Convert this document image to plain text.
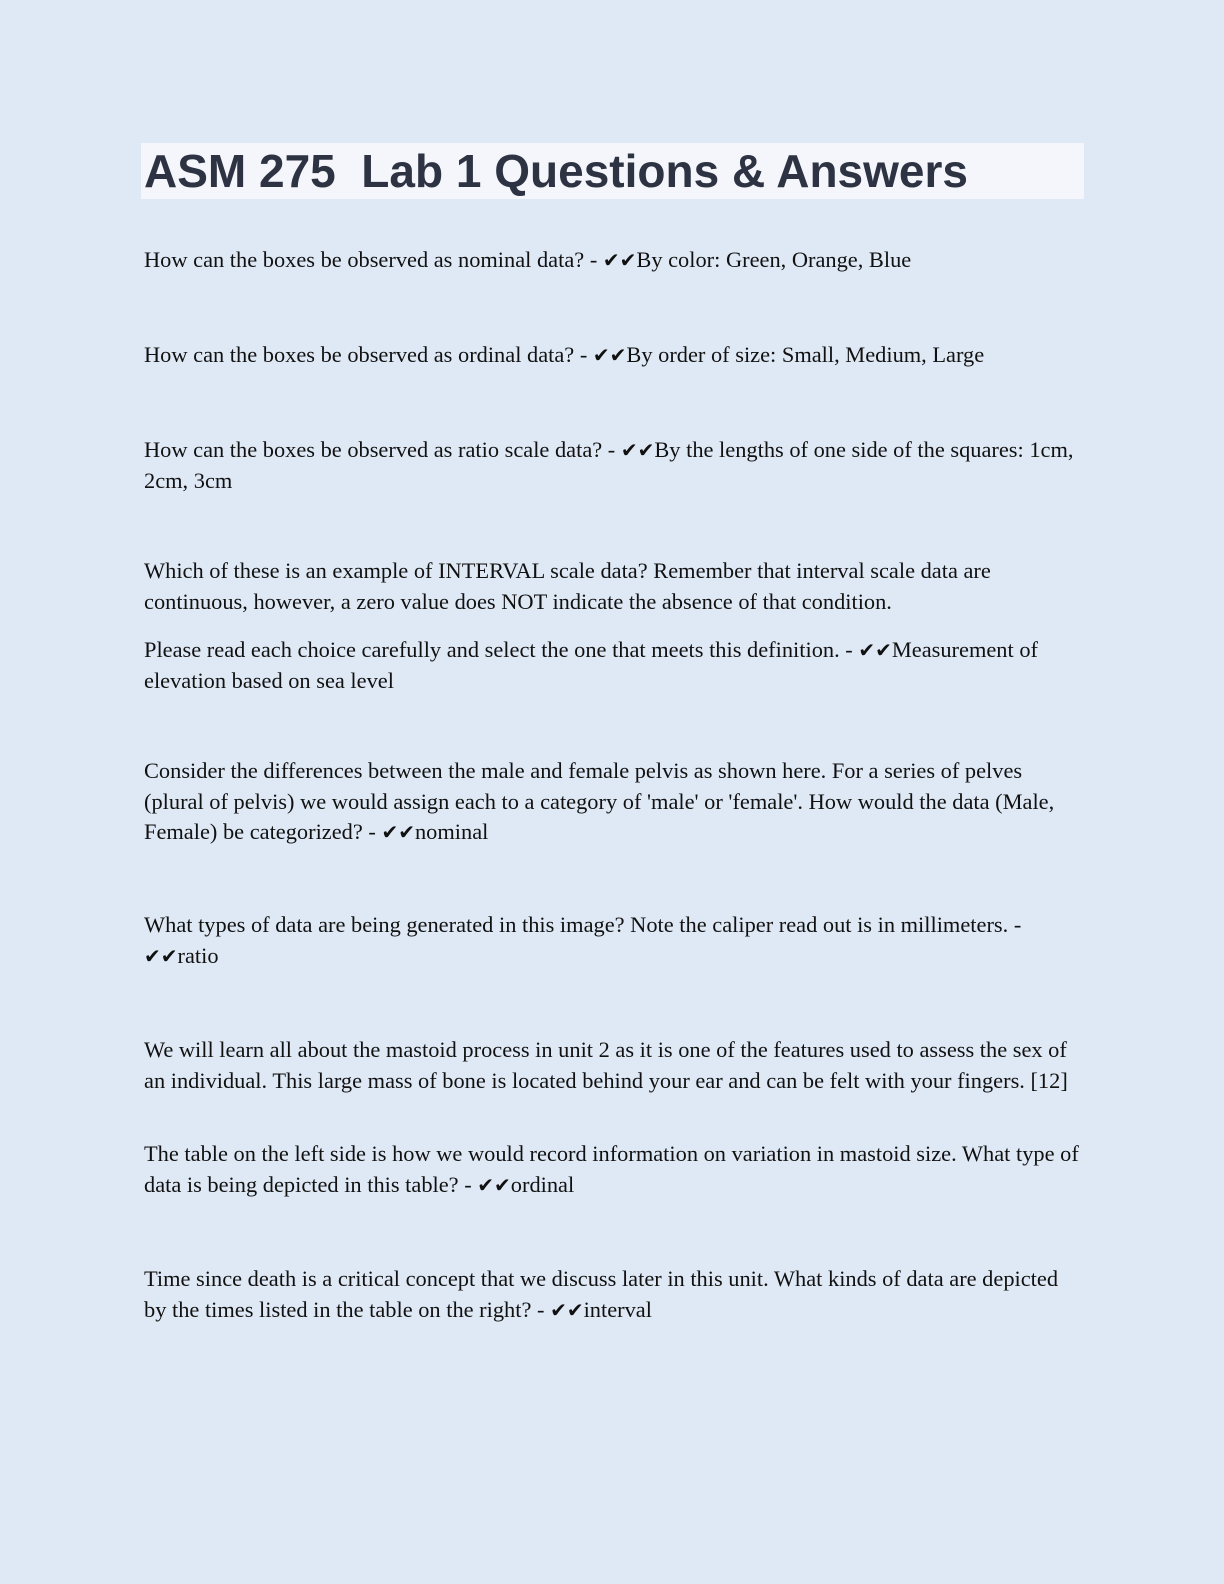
ASM 275  Lab 1 Questions & Answers

How can the boxes be observed as nominal data? - ✔✔By color: Green, Orange, Blue

How can the boxes be observed as ordinal data? - ✔✔By order of size: Small, Medium, Large

How can the boxes be observed as ratio scale data? - ✔✔By the lengths of one side of the squares: 1cm, 2cm, 3cm

Which of these is an example of INTERVAL scale data? Remember that interval scale data are continuous, however, a zero value does NOT indicate the absence of that condition.

Please read each choice carefully and select the one that meets this definition. - ✔✔Measurement of elevation based on sea level

Consider the differences between the male and female pelvis as shown here. For a series of pelves (plural of pelvis) we would assign each to a category of 'male' or 'female'. How would the data (Male, Female) be categorized? - ✔✔nominal

What types of data are being generated in this image? Note the caliper read out is in millimeters. - ✔✔ratio

We will learn all about the mastoid process in unit 2 as it is one of the features used to assess the sex of an individual. This large mass of bone is located behind your ear and can be felt with your fingers. [12]

The table on the left side is how we would record information on variation in mastoid size. What type of data is being depicted in this table? - ✔✔ordinal

Time since death is a critical concept that we discuss later in this unit. What kinds of data are depicted by the times listed in the table on the right? - ✔✔interval
